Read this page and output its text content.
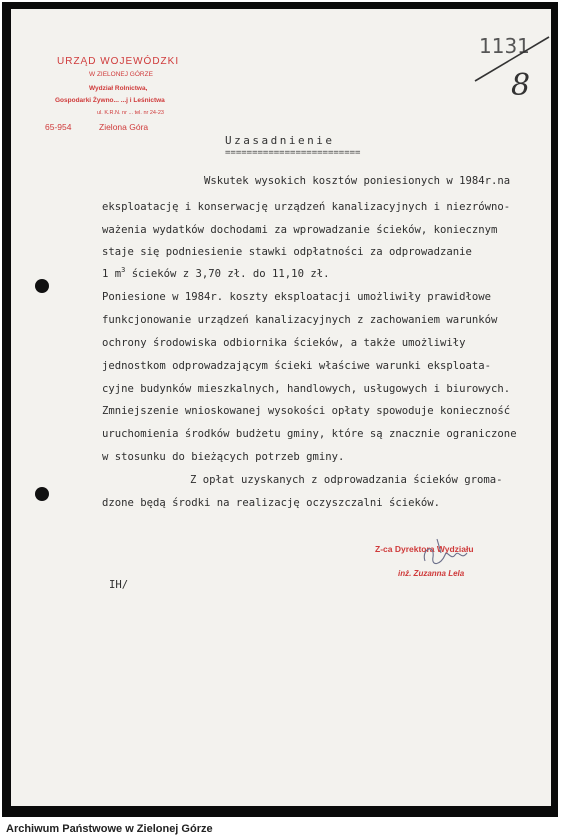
URZĄD WOJEWÓDZKI
W ZIELONEJ GÓRZE
Wydział Rolnictwa,
Gospodarki Żywno... ...j i Leśnictwa
ul. K.R.N. nr ... tel. nr 24-23
65-954	Zielona Góra
1131
8
Uzasadnienie
=========================
Wskutek wysokich kosztów poniesionych w 1984r.na
eksploatację i konserwację urządzeń kanalizacyjnych i niezrówno-
ważenia wydatków dochodami za wprowadzanie ścieków, koniecznym
staje się podniesienie stawki odpłatności za odprowadzanie
1 $m^3$ ścieków z 3,70 zł. do 11,10 zł.
Poniesione w 1984r. koszty eksploatacji umożliwiły prawidłowe
funkcjonowanie urządzeń kanalizacyjnych z zachowaniem warunków
ochrony środowiska odbiornika ścieków, a także umożliwiły
jednostkom odprowadzającym ścieki właściwe warunki eksploata-
cyjne budynków mieszkalnych, handlowych, usługowych i biurowych.
Zmniejszenie wnioskowanej wysokości opłaty spowoduje konieczność
uruchomienia środków budżetu gminy, które są znacznie ograniczone
w stosunku do bieżących potrzeb gminy.
Z opłat uzyskanych z odprowadzania ścieków groma-
dzone będą środki na realizację oczyszczalni ścieków.
Z-ca Dyrektora Wydziału
inż. Zuzanna Lela
IH/
Archiwum Państwowe w Zielonej Górze
